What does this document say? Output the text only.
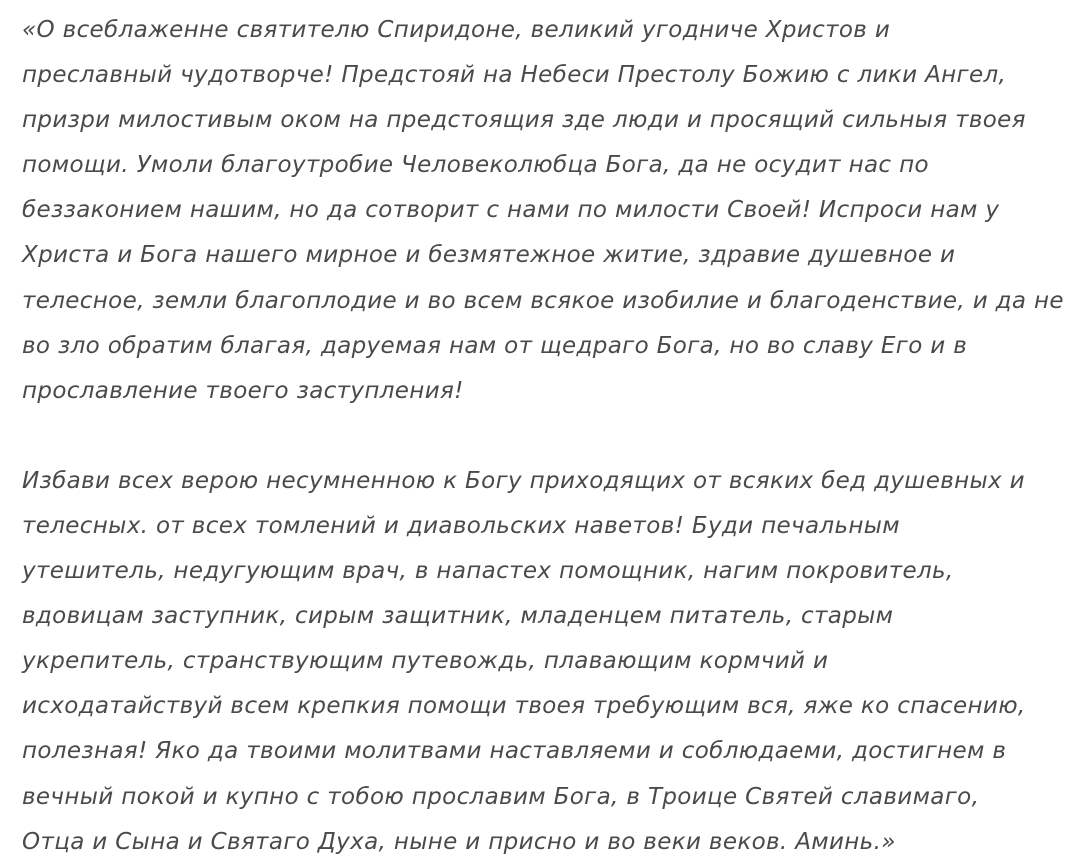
«О всеблаженне святителю Спиридоне, великий угодниче Христов и
преславный чудотворче! Предстояй на Небеси Престолу Божию с лики Ангел,
призри милостивым оком на предстоящия зде люди и просящий сильныя твоея
помощи. Умоли благоутробие Человеколюбца Бога, да не осудит нас по
беззаконием нашим, но да сотворит с нами по милости Своей! Испроси нам у
Христа и Бога нашего мирное и безмятежное житие, здравие душевное и
телесное, земли благоплодие и во всем всякое изобилие и благоденствие, и да не
во зло обратим благая, даруемая нам от щедраго Бога, но во славу Его и в
прославление твоего заступления!

Избави всех верою несумненною к Богу приходящих от всяких бед душевных и
телесных. от всех томлений и диавольских наветов! Буди печальным
утешитель, недугующим врач, в напастех помощник, нагим покровитель,
вдовицам заступник, сирым защитник, младенцем питатель, старым
укрепитель, странствующим путевождь, плавающим кормчий и
исходатайствуй всем крепкия помощи твоея требующим вся, яже ко спасению,
полезная! Яко да твоими молитвами наставляеми и соблюдаеми, достигнем в
вечный покой и купно с тобою прославим Бога, в Троице Святей славимаго,
Отца и Сына и Святаго Духа, ныне и присно и во веки веков. Аминь.»
